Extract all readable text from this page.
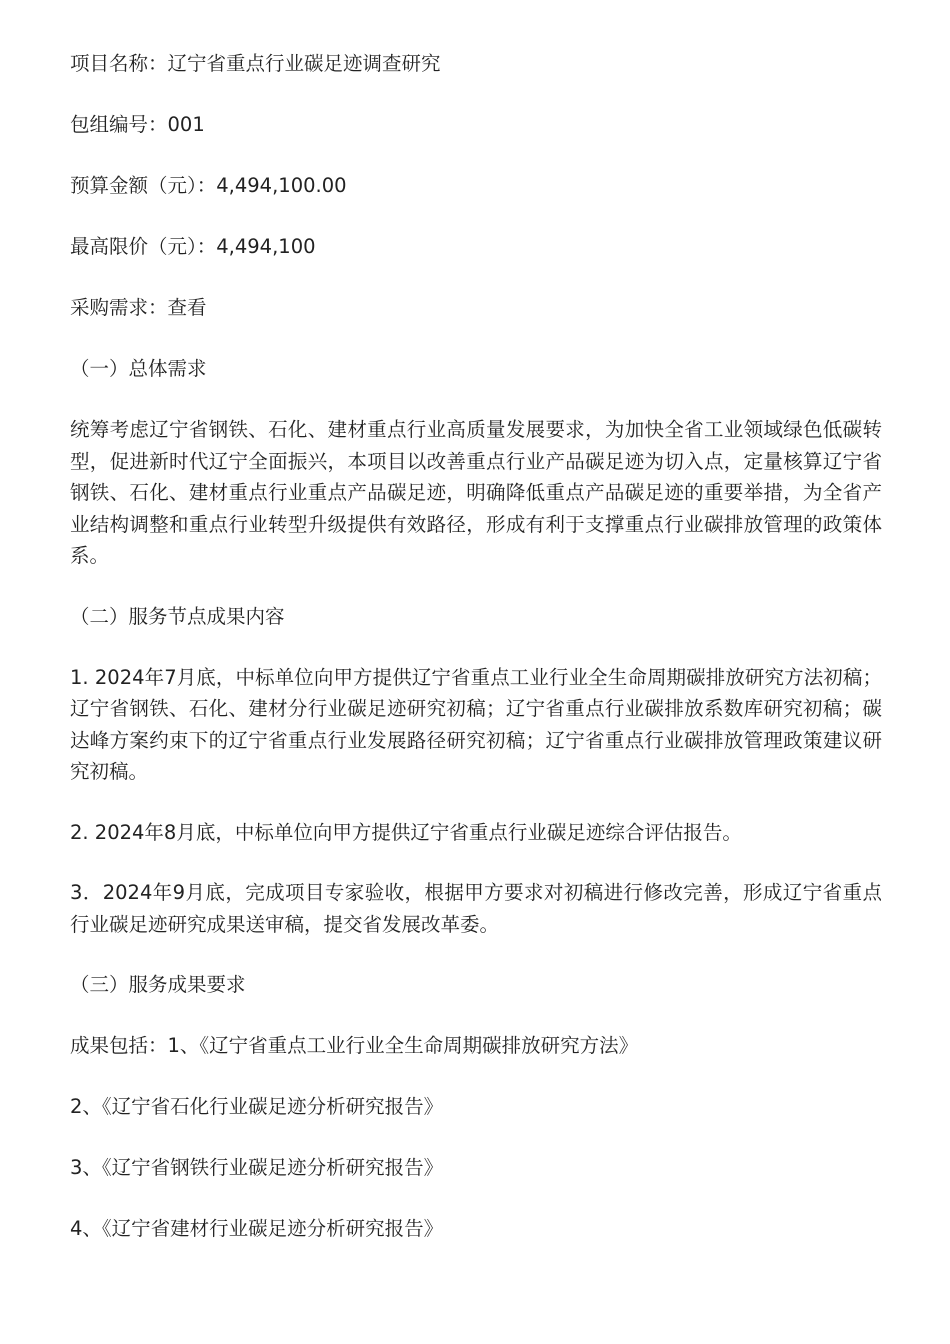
项目名称：辽宁省重点行业碳足迹调查研究
包组编号：001
预算金额（元）：4,494,100.00
最高限价（元）：4,494,100
采购需求：查看
（一）总体需求
统筹考虑辽宁省钢铁、石化、建材重点行业高质量发展要求，为加快全省工业领域绿色低碳转型，促进新时代辽宁全面振兴，本项目以改善重点行业产品碳足迹为切入点，定量核算辽宁省钢铁、石化、建材重点行业重点产品碳足迹，明确降低重点产品碳足迹的重要举措，为全省产业结构调整和重点行业转型升级提供有效路径，形成有利于支撑重点行业碳排放管理的政策体系。
（二）服务节点成果内容
1. 2024年7月底，中标单位向甲方提供辽宁省重点工业行业全生命周期碳排放研究方法初稿；辽宁省钢铁、石化、建材分行业碳足迹研究初稿；辽宁省重点行业碳排放系数库研究初稿；碳达峰方案约束下的辽宁省重点行业发展路径研究初稿；辽宁省重点行业碳排放管理政策建议研究初稿。
2. 2024年8月底，中标单位向甲方提供辽宁省重点行业碳足迹综合评估报告。
3．2024年9月底，完成项目专家验收，根据甲方要求对初稿进行修改完善，形成辽宁省重点行业碳足迹研究成果送审稿，提交省发展改革委。
（三）服务成果要求
成果包括：1、《辽宁省重点工业行业全生命周期碳排放研究方法》
2、《辽宁省石化行业碳足迹分析研究报告》
3、《辽宁省钢铁行业碳足迹分析研究报告》
4、《辽宁省建材行业碳足迹分析研究报告》
